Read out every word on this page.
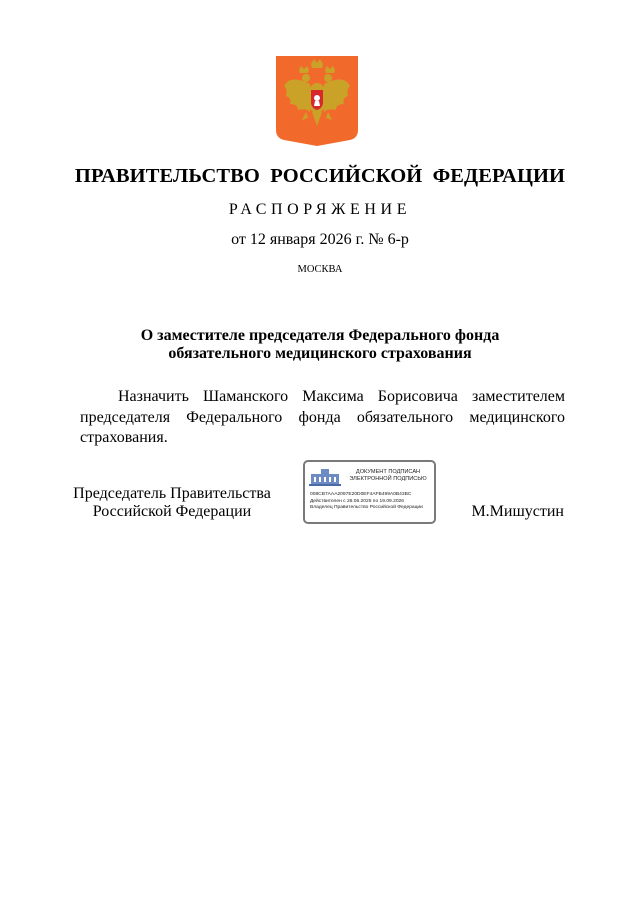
ПРАВИТЕЛЬСТВО РОССИЙСКОЙ ФЕДЕРАЦИИ
РАСПОРЯЖЕНИЕ
от 12 января 2026 г. № 6-р
МОСКВА
О заместителе председателя Федерального фонда
обязательного медицинского страхования
Назначить Шаманского Максима Борисовича заместителем председателя Федерального фонда обязательного медицинского страхования.
Председатель Правительства
Российской Федерации
ДОКУМЕНТ ПОДПИСАН
ЭЛЕКТРОННОЙ ПОДПИСЬЮ
008CB7AAA2097E20D0EF4AFB499A0B43BC
Действителен с 26.06.2025 по 19.09.2026
Владелец Правительство Российской Федерации	М.Мишустин
